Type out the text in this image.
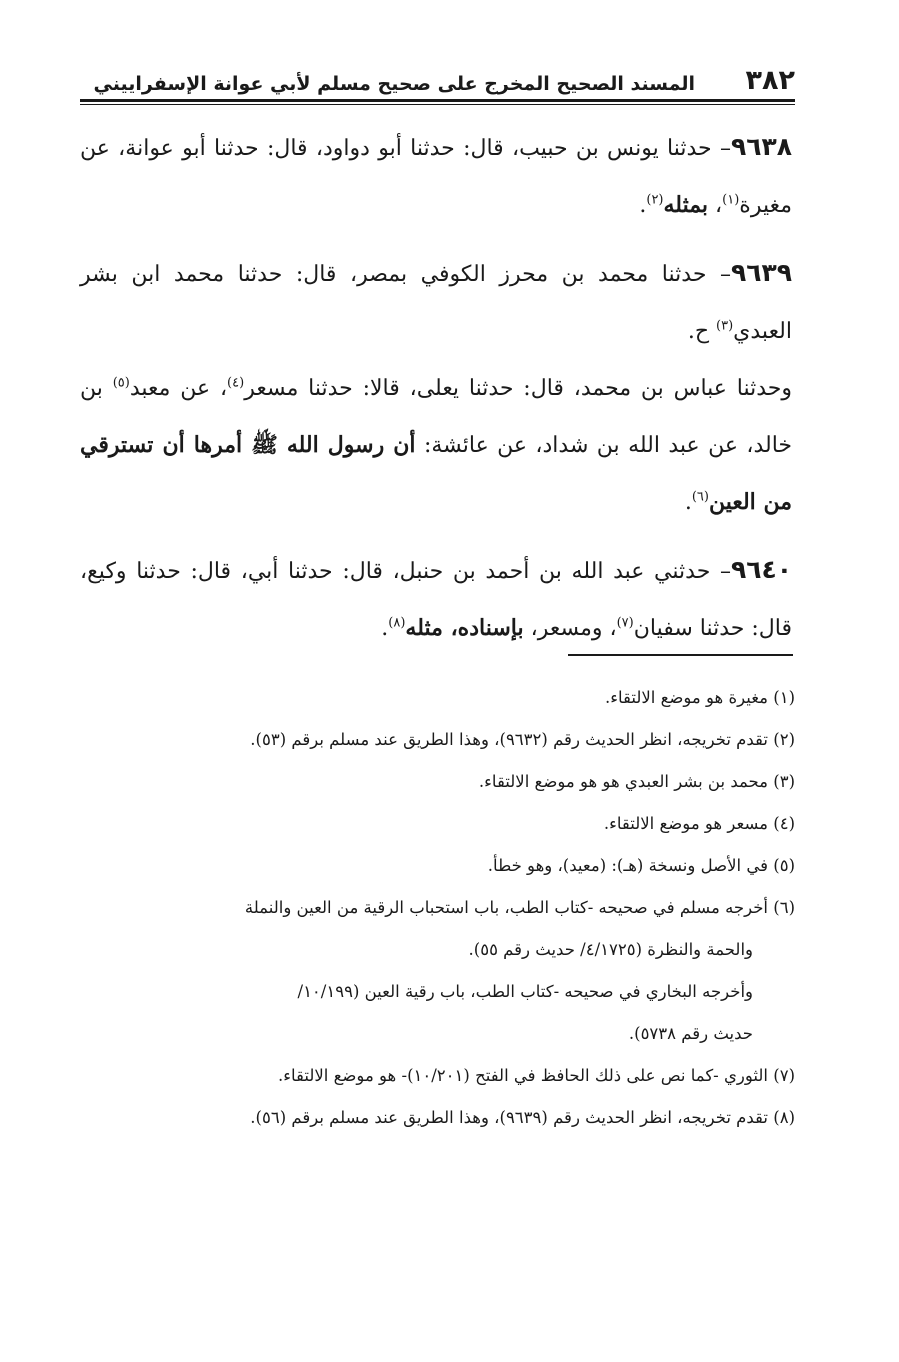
٣٨٢
المسند الصحيح المخرج على صحيح مسلم لأبي عوانة الإسفراييني

٩٦٣٨– حدثنا يونس بن حبيب، قال: حدثنا أبو دواود، قال: حدثنا أبو عوانة، عن مغيرة$^{(١)}$، بمثله$^{(٢)}$.

٩٦٣٩– حدثنا محمد بن محرز الكوفي بمصر، قال: حدثنا محمد ابن بشر العبدي$^{(٣)}$ ح.

وحدثنا عباس بن محمد، قال: حدثنا يعلى، قالا: حدثنا مسعر$^{(٤)}$، عن معبد$^{(٥)}$ بن خالد، عن عبد الله بن شداد، عن عائشة: أن رسول الله ﷺ أمرها أن تسترقي من العين$^{(٦)}$.

٩٦٤٠– حدثني عبد الله بن أحمد بن حنبل، قال: حدثنا أبي، قال: حدثنا وكيع، قال: حدثنا سفيان$^{(٧)}$، ومسعر، بإسناده، مثله$^{(٨)}$.

(١) مغيرة هو موضع الالتقاء.
(٢) تقدم تخريجه، انظر الحديث رقم (٩٦٣٢)، وهذا الطريق عند مسلم برقم (٥٣).
(٣) محمد بن بشر العبدي هو هو موضع الالتقاء.
(٤) مسعر هو موضع الالتقاء.
(٥) في الأصل ونسخة (هـ): (معيد)، وهو خطأ.
(٦) أخرجه مسلم في صحيحه -كتاب الطب، باب استحباب الرقية من العين والنملة
والحمة والنظرة (٤/١٧٢٥/ حديث رقم ٥٥).
وأخرجه البخاري في صحيحه -كتاب الطب، باب رقية العين (١٠/١٩٩/
حديث رقم ٥٧٣٨).
(٧) الثوري -كما نص على ذلك الحافظ في الفتح (١٠/٢٠١)- هو موضع الالتقاء.
(٨) تقدم تخريجه، انظر الحديث رقم (٩٦٣٩)، وهذا الطريق عند مسلم برقم (٥٦).
